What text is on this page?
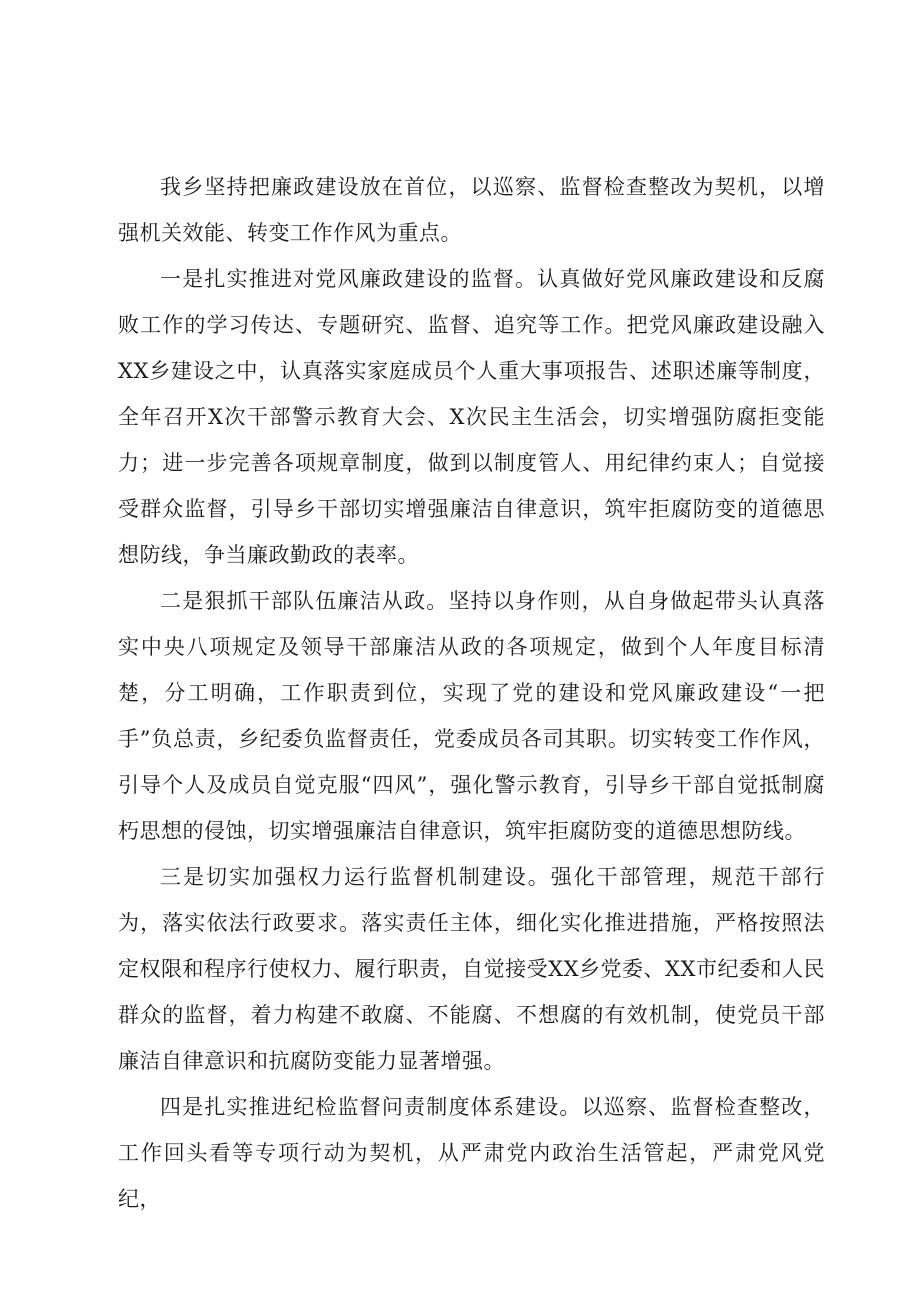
我乡坚持把廉政建设放在首位，以巡察、监督检查整改为契机，以增强机关效能、转变工作作风为重点。

一是扎实推进对党风廉政建设的监督。认真做好党风廉政建设和反腐败工作的学习传达、专题研究、监督、追究等工作。把党风廉政建设融入XX乡建设之中，认真落实家庭成员个人重大事项报告、述职述廉等制度，全年召开X次干部警示教育大会、X次民主生活会，切实增强防腐拒变能力；进一步完善各项规章制度，做到以制度管人、用纪律约束人；自觉接受群众监督，引导乡干部切实增强廉洁自律意识，筑牢拒腐防变的道德思想防线，争当廉政勤政的表率。

二是狠抓干部队伍廉洁从政。坚持以身作则，从自身做起带头认真落实中央八项规定及领导干部廉洁从政的各项规定，做到个人年度目标清楚，分工明确，工作职责到位，实现了党的建设和党风廉政建设“一把手”负总责，乡纪委负监督责任，党委成员各司其职。切实转变工作作风，引导个人及成员自觉克服“四风”，强化警示教育，引导乡干部自觉抵制腐朽思想的侵蚀，切实增强廉洁自律意识，筑牢拒腐防变的道德思想防线。

三是切实加强权力运行监督机制建设。强化干部管理，规范干部行为，落实依法行政要求。落实责任主体，细化实化推进措施，严格按照法定权限和程序行使权力、履行职责，自觉接受XX乡党委、XX市纪委和人民群众的监督，着力构建不敢腐、不能腐、不想腐的有效机制，使党员干部廉洁自律意识和抗腐防变能力显著增强。

四是扎实推进纪检监督问责制度体系建设。以巡察、监督检查整改，工作回头看等专项行动为契机，从严肃党内政治生活管起，严肃党风党纪，
